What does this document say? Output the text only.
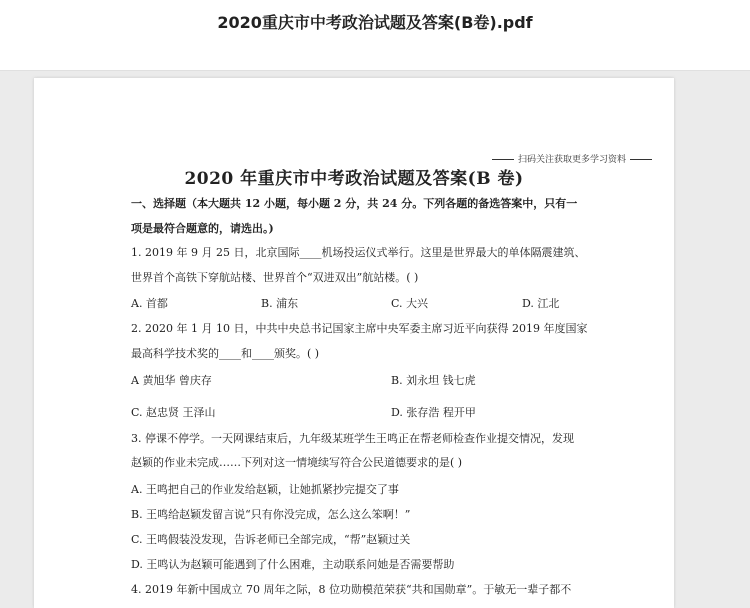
2020重庆市中考政治试题及答案(B卷).pdf
扫码关注获取更多学习资料
2020 年重庆市中考政治试题及答案(B 卷)
一、选择题（本大题共 12 小题，每小题 2 分，共 24 分。下列各题的备选答案中，只有一
项是最符合题意的，请选出。)
1. 2019 年 9 月 25 日，北京国际____机场投运仪式举行。这里是世界最大的单体隔震建筑、
世界首个高铁下穿航站楼、世界首个“双进双出”航站楼。( )
A. 首都	B. 浦东	C. 大兴	D. 江北
2. 2020 年 1 月 10 日，中共中央总书记国家主席中央军委主席习近平向获得 2019 年度国家
最高科学技术奖的____和____颁奖。( )
A 黄旭华 曾庆存	B. 刘永坦 钱七虎
C. 赵忠贤 王泽山	D. 张存浩 程开甲
3. 停课不停学。一天网课结束后，九年级某班学生王鸣正在帮老师检查作业提交情况，发现
赵颖的作业未完成……下列对这一情境续写符合公民道德要求的是( )
A. 王鸣把自己的作业发给赵颖，让她抓紧抄完提交了事
B. 王鸣给赵颖发留言说“只有你没完成，怎么这么笨啊！”
C. 王鸣假装没发现，告诉老师已全部完成，“帮”赵颖过关
D. 王鸣认为赵颖可能遇到了什么困难，主动联系问她是否需要帮助
4. 2019 年新中国成立 70 周年之际，8 位功勋模范荣获“共和国勋章”。于敏无一辈子都不
